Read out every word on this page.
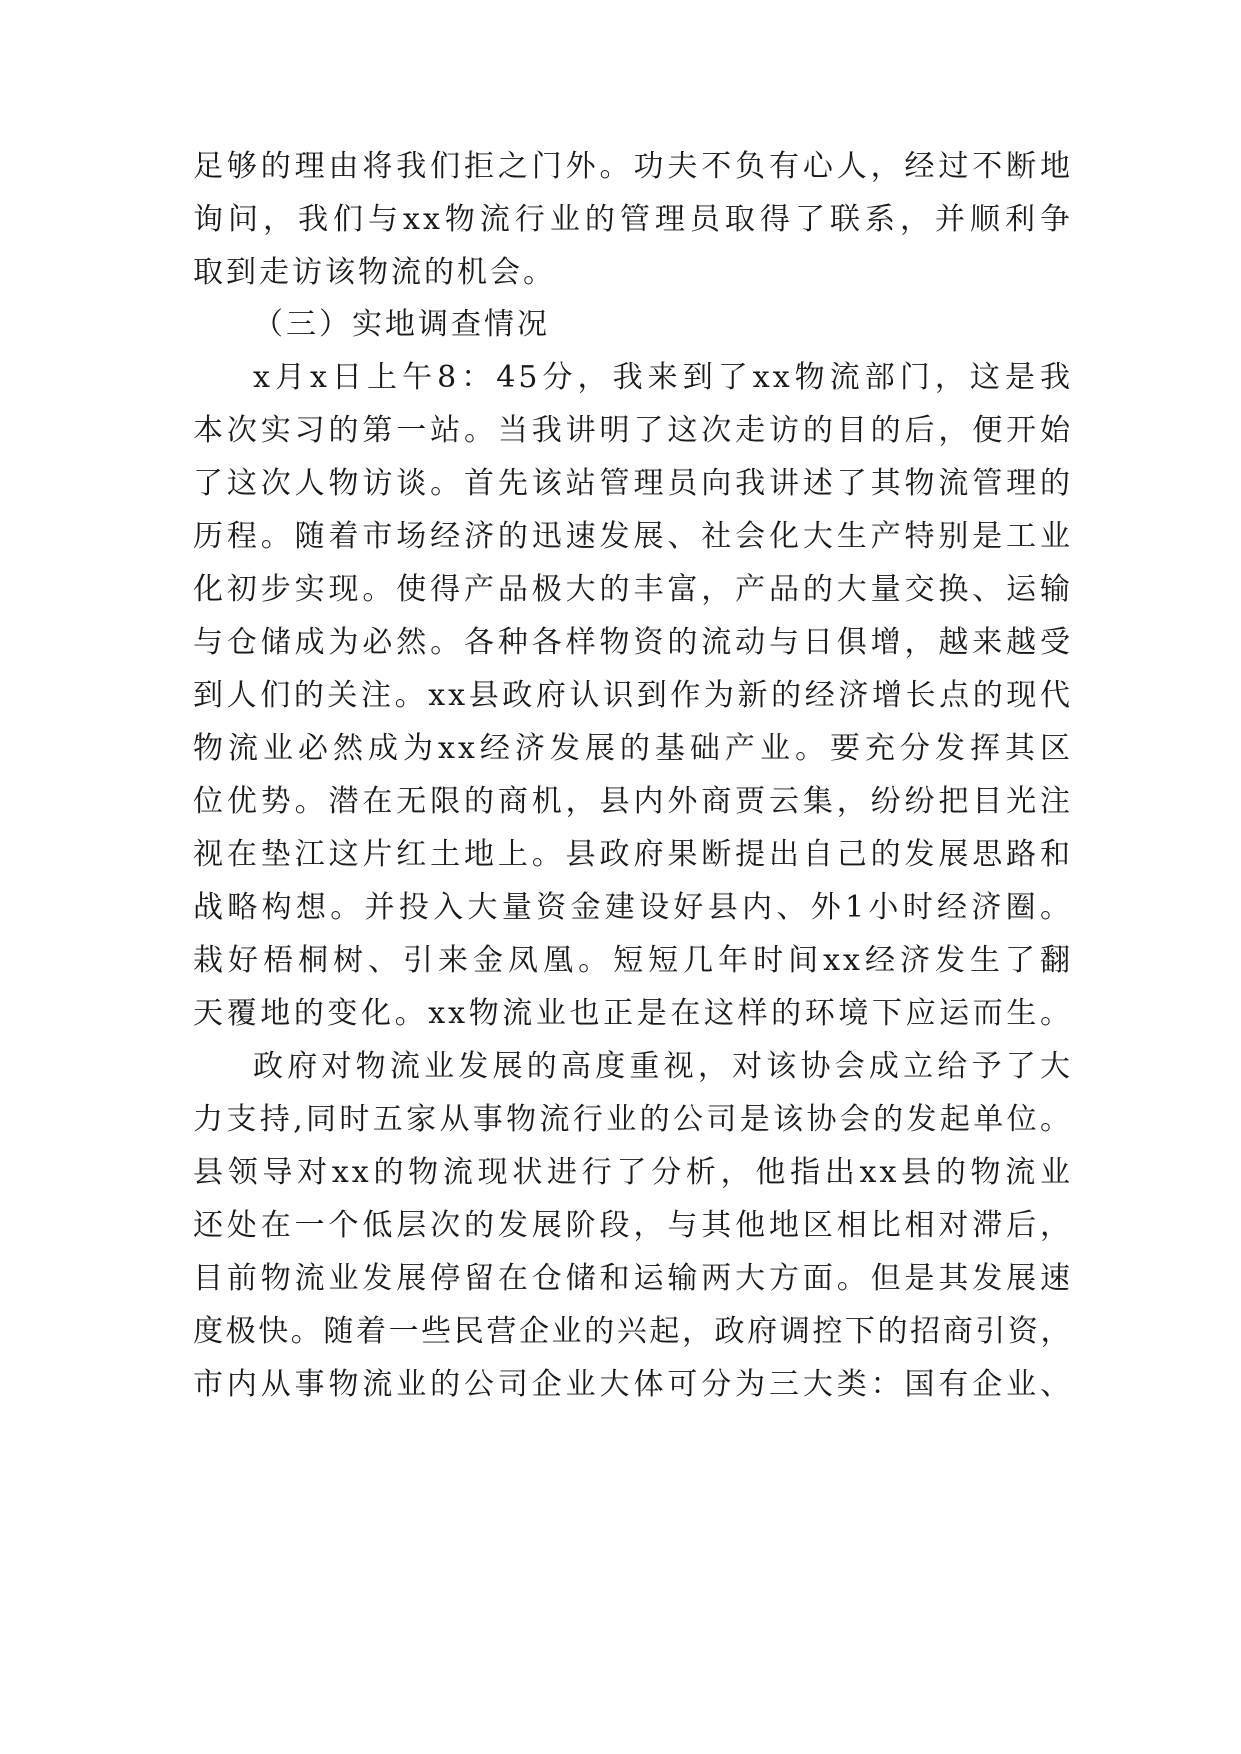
足够的理由将我们拒之门外。功夫不负有心人，经过不断地
询问，我们与xx物流行业的管理员取得了联系，并顺利争
取到走访该物流的机会。
（三）实地调查情况
x月x日上午8：45分，我来到了xx物流部门，这是我
本次实习的第一站。当我讲明了这次走访的目的后，便开始
了这次人物访谈。首先该站管理员向我讲述了其物流管理的
历程。随着市场经济的迅速发展、社会化大生产特别是工业
化初步实现。使得产品极大的丰富，产品的大量交换、运输
与仓储成为必然。各种各样物资的流动与日俱增，越来越受
到人们的关注。xx县政府认识到作为新的经济增长点的现代
物流业必然成为xx经济发展的基础产业。要充分发挥其区
位优势。潜在无限的商机，县内外商贾云集，纷纷把目光注
视在垫江这片红土地上。县政府果断提出自己的发展思路和
战略构想。并投入大量资金建设好县内、外1小时经济圈。
栽好梧桐树、引来金凤凰。短短几年时间xx经济发生了翻
天覆地的变化。xx物流业也正是在这样的环境下应运而生。
政府对物流业发展的高度重视，对该协会成立给予了大
力支持,同时五家从事物流行业的公司是该协会的发起单位。
县领导对xx的物流现状进行了分析，他指出xx县的物流业
还处在一个低层次的发展阶段，与其他地区相比相对滞后，
目前物流业发展停留在仓储和运输两大方面。但是其发展速
度极快。随着一些民营企业的兴起，政府调控下的招商引资，
市内从事物流业的公司企业大体可分为三大类：国有企业、
